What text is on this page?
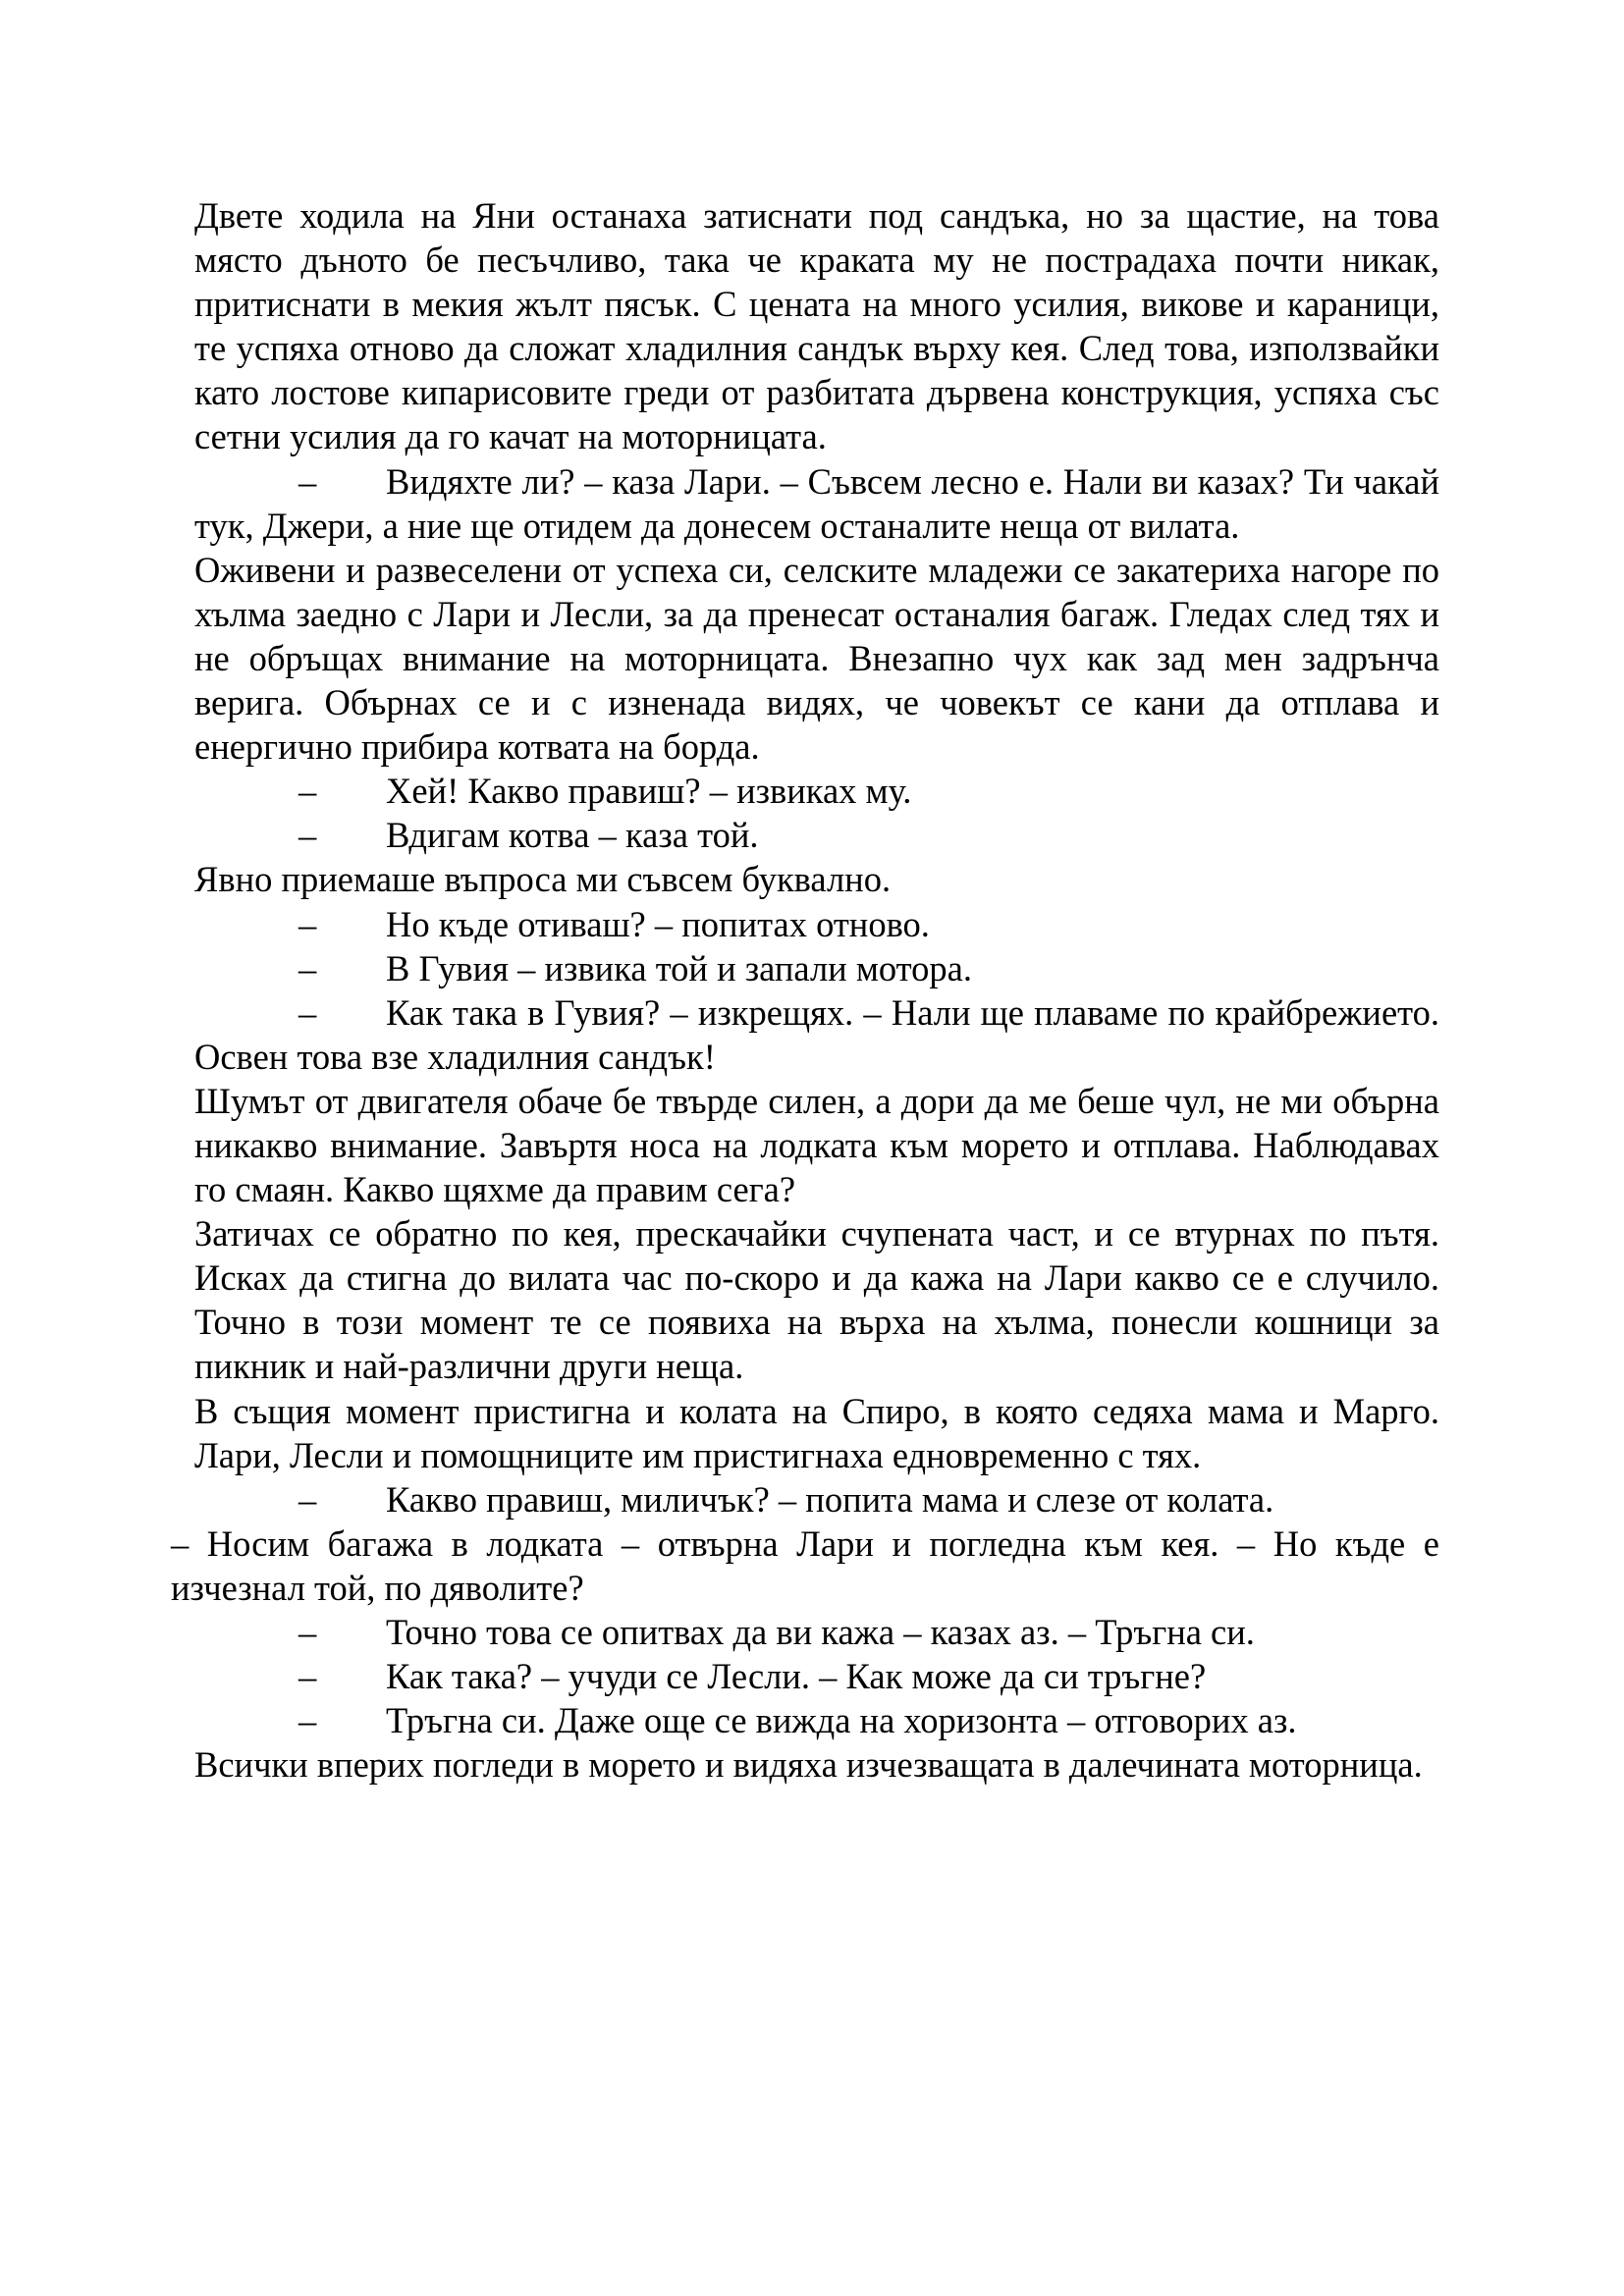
Двете ходила на Яни останаха затиснати под сандъка, но за щастие, на това място дъното бе песъчливо, така че краката му не пострадаха почти никак, притиснати в мекия жълт пясък. С цената на много усилия, викове и караници, те успяха отново да сложат хладилния сандък върху кея. След това, използвайки като лостове кипарисовите греди от разбитата дървена конструкция, успяха със сетни усилия да го качат на моторницата.

– Видяхте ли? – каза Лари. – Съвсем лесно е. Нали ви казах? Ти чакай тук, Джери, а ние ще отидем да донесем останалите неща от вилата.

Оживени и развеселени от успеха си, селските младежи се закатериха нагоре по хълма заедно с Лари и Лесли, за да пренесат останалия багаж. Гледах след тях и не обръщах внимание на моторницата. Внезапно чух как зад мен задрънча верига. Обърнах се и с изненада видях, че човекът се кани да отплава и енергично прибира котвата на борда.

– Хей! Какво правиш? – извиках му.

– Вдигам котва – каза той.

Явно приемаше въпроса ми съвсем буквално.

– Но къде отиваш? – попитах отново.

– В Гувия – извика той и запали мотора.

– Как така в Гувия? – изкрещях. – Нали ще плаваме по крайбрежието. Освен това взе хладилния сандък!

Шумът от двигателя обаче бе твърде силен, а дори да ме беше чул, не ми обърна никакво внимание. Завъртя носа на лодката към морето и отплава. Наблюдавах го смаян. Какво щяхме да правим сега?

Затичах се обратно по кея, прескачайки счупената част, и се втурнах по пътя. Исках да стигна до вилата час по-скоро и да кажа на Лари какво се е случило. Точно в този момент те се появиха на върха на хълма, понесли кошници за пикник и най-различни други неща.

В същия момент пристигна и колата на Спиро, в която седяха мама и Марго. Лари, Лесли и помощниците им пристигнаха едновременно с тях.

– Какво правиш, миличък? – попита мама и слезе от колата.

– Носим багажа в лодката – отвърна Лари и погледна към кея. – Но къде е изчезнал той, по дяволите?

– Точно това се опитвах да ви кажа – казах аз. – Тръгна си.

– Как така? – учуди се Лесли. – Как може да си тръгне?

– Тръгна си. Даже още се вижда на хоризонта – отговорих аз.

Всички вперих погледи в морето и видяха изчезващата в далечината моторница.
